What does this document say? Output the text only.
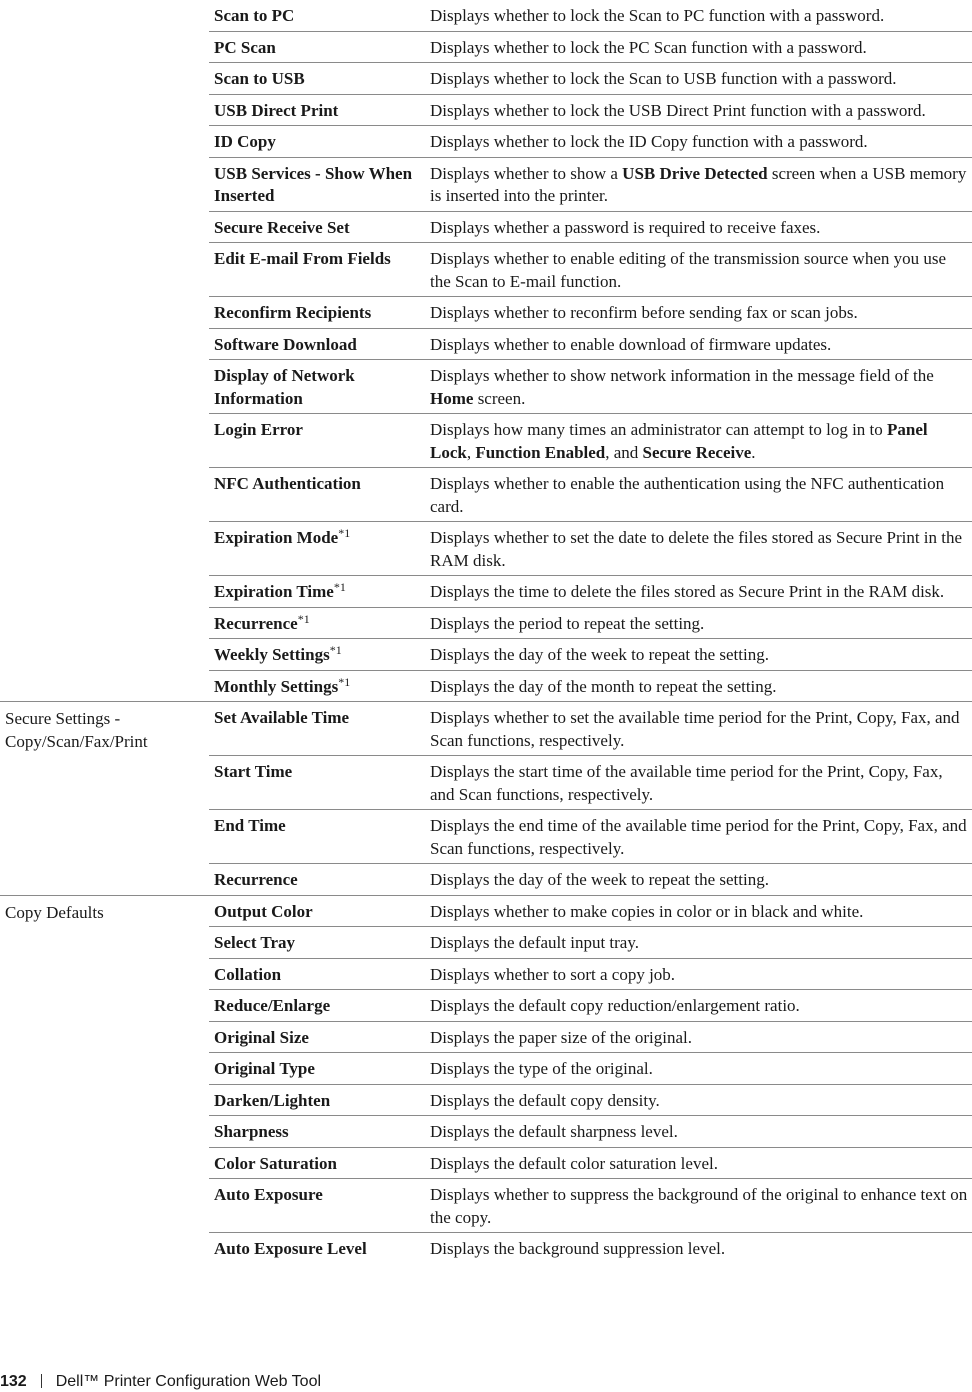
	Scan to PC	Displays whether to lock the Scan to PC function with a password.
	PC Scan	Displays whether to lock the PC Scan function with a password.
	Scan to USB	Displays whether to lock the Scan to USB function with a password.
	USB Direct Print	Displays whether to lock the USB Direct Print function with a password.
	ID Copy	Displays whether to lock the ID Copy function with a password.
	USB Services - Show When Inserted	Displays whether to show a USB Drive Detected screen when a USB memory is inserted into the printer.
	Secure Receive Set	Displays whether a password is required to receive faxes.
	Edit E-mail From Fields	Displays whether to enable editing of the transmission source when you use the Scan to E-mail function.
	Reconfirm Recipients	Displays whether to reconfirm before sending fax or scan jobs.
	Software Download	Displays whether to enable download of firmware updates.
	Display of Network Information	Displays whether to show network information in the message field of the Home screen.
	Login Error	Displays how many times an administrator can attempt to log in to Panel Lock, Function Enabled, and Secure Receive.
	NFC Authentication	Displays whether to enable the authentication using the NFC authentication card.
	Expiration Mode$^{*1}$	Displays whether to set the date to delete the files stored as Secure Print in the RAM disk.
	Expiration Time$^{*1}$	Displays the time to delete the files stored as Secure Print in the RAM disk.
	Recurrence$^{*1}$	Displays the period to repeat the setting.
	Weekly Settings$^{*1}$	Displays the day of the week to repeat the setting.
	Monthly Settings$^{*1}$	Displays the day of the month to repeat the setting.
Secure Settings - Copy/Scan/Fax/Print	Set Available Time	Displays whether to set the available time period for the Print, Copy, Fax, and Scan functions, respectively.
	Start Time	Displays the start time of the available time period for the Print, Copy, Fax, and Scan functions, respectively.
	End Time	Displays the end time of the available time period for the Print, Copy, Fax, and Scan functions, respectively.
	Recurrence	Displays the day of the week to repeat the setting.
Copy Defaults	Output Color	Displays whether to make copies in color or in black and white.
	Select Tray	Displays the default input tray.
	Collation	Displays whether to sort a copy job.
	Reduce/Enlarge	Displays the default copy reduction/enlargement ratio.
	Original Size	Displays the paper size of the original.
	Original Type	Displays the type of the original.
	Darken/Lighten	Displays the default copy density.
	Sharpness	Displays the default sharpness level.
	Color Saturation	Displays the default color saturation level.
	Auto Exposure	Displays whether to suppress the background of the original to enhance text on the copy.
	Auto Exposure Level	Displays the background suppression level.
132 Dell™ Printer Configuration Web Tool
